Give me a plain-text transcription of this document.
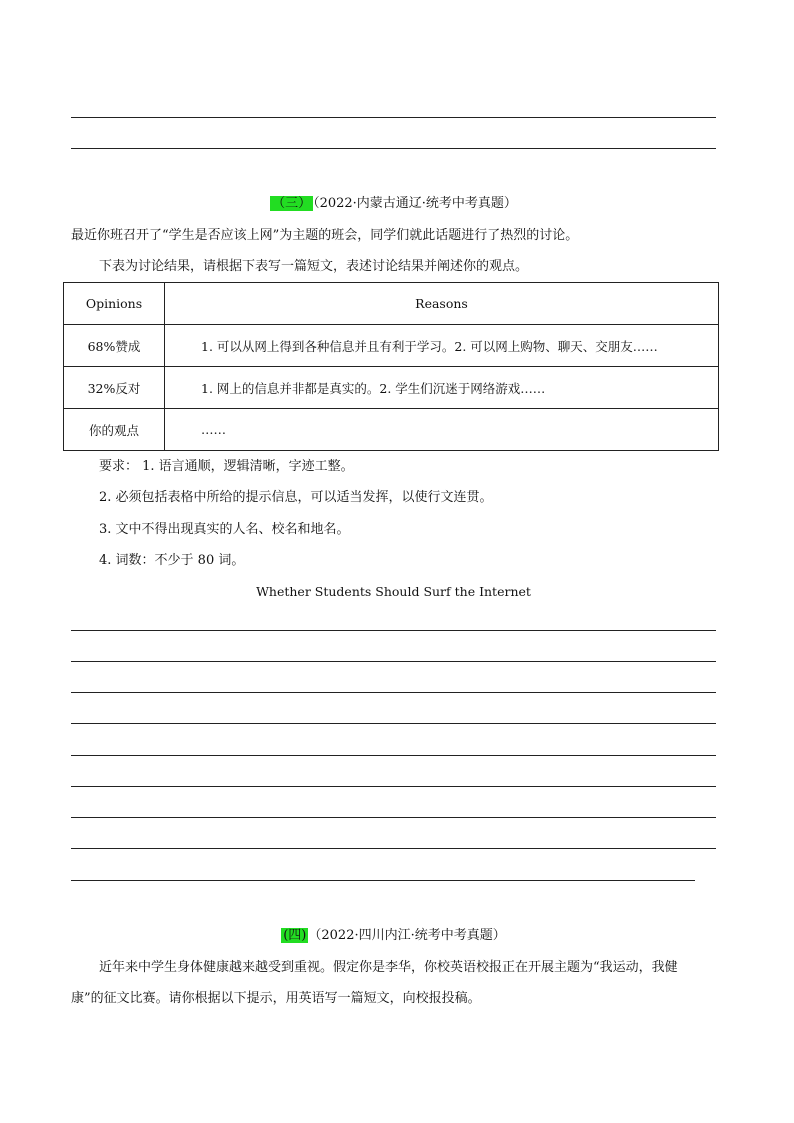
（三） （2022·内蒙古通辽·统考中考真题）
最近你班召开了“学生是否应该上网”为主题的班会，同学们就此话题进行了热烈的讨论。
下表为讨论结果，请根据下表写一篇短文，表述讨论结果并阐述你的观点。
Opinions	Reasons
68%赞成	1. 可以从网上得到各种信息并且有利于学习。2. 可以网上购物、聊天、交朋友……
32%反对	1. 网上的信息并非都是真实的。2. 学生们沉迷于网络游戏……
你的观点	……
要求： 1. 语言通顺，逻辑清晰，字迹工整。
2. 必须包括表格中所给的提示信息，可以适当发挥，以使行文连贯。
3. 文中不得出现真实的人名、校名和地名。
4. 词数：不少于 80 词。
Whether Students Should Surf the Internet
(四) （2022·四川内江·统考中考真题）
近年来中学生身体健康越来越受到重视。假定你是李华，你校英语校报正在开展主题为“我运动，我健
康”的征文比赛。请你根据以下提示，用英语写一篇短文，向校报投稿。
